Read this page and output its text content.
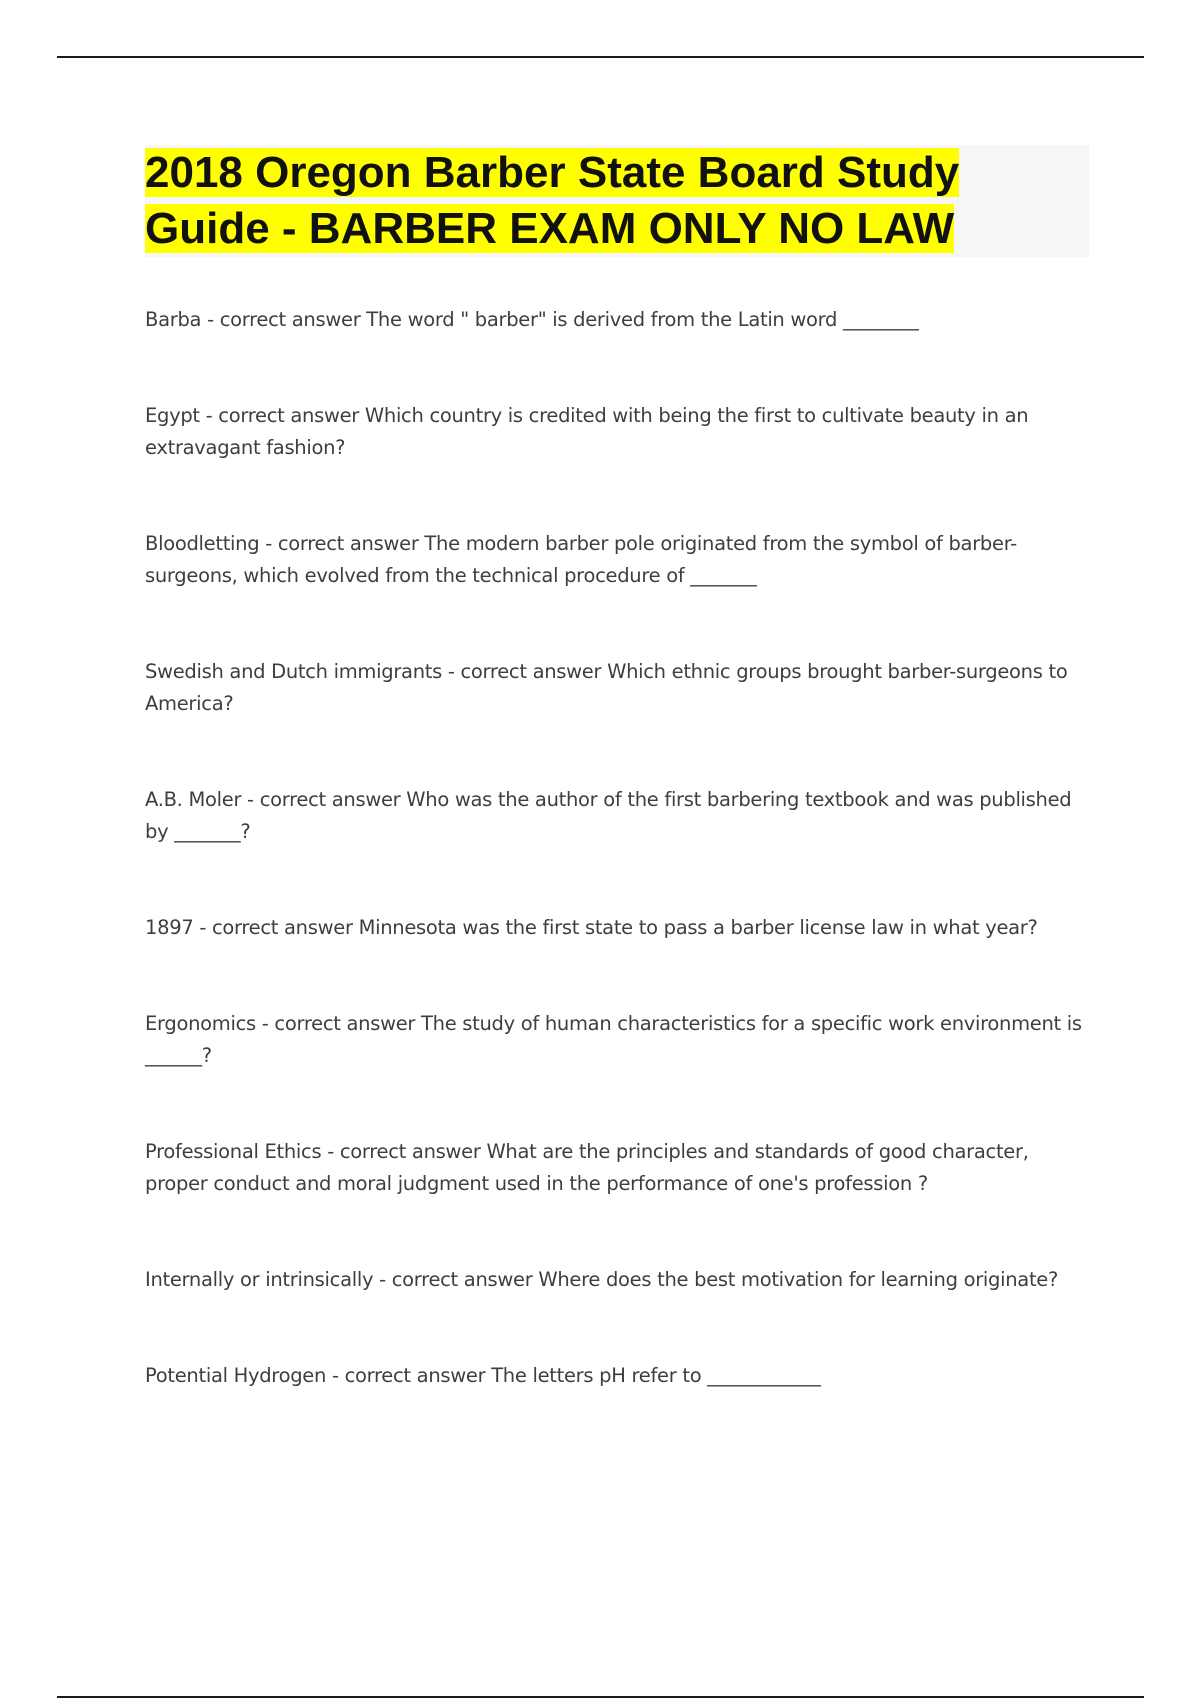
2018 Oregon Barber State Board Study Guide - BARBER EXAM ONLY NO LAW

Barba - correct answer The word " barber" is derived from the Latin word ________

Egypt - correct answer Which country is credited with being the first to cultivate beauty in an extravagant fashion?

Bloodletting - correct answer The modern barber pole originated from the symbol of barber-surgeons, which evolved from the technical procedure of _______

Swedish and Dutch immigrants - correct answer Which ethnic groups brought barber-surgeons to America?

A.B. Moler - correct answer Who was the author of the first barbering textbook and was published by _______?

1897 - correct answer Minnesota was the first state to pass a barber license law in what year?

Ergonomics - correct answer The study of human characteristics for a specific work environment is ______?

Professional Ethics - correct answer What are the principles and standards of good character, proper conduct and moral judgment used in the performance of one's profession ?

Internally or intrinsically - correct answer Where does the best motivation for learning originate?

Potential Hydrogen - correct answer The letters pH refer to ____________
